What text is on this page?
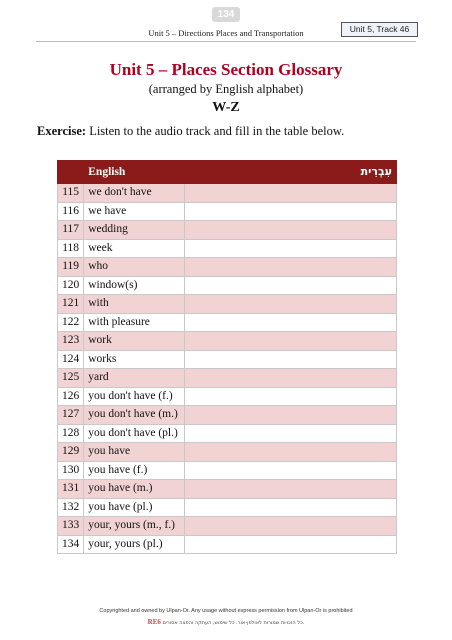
134
Unit 5 – Directions Places and Transportation	Unit 5, Track 46
Unit 5 – Places Section Glossary
(arranged by English alphabet)
W-Z
Exercise: Listen to the audio track and fill in the table below.
	English	עִבְרִית
115	we don't have	
116	we have	
117	wedding	
118	week	
119	who	
120	window(s)	
121	with	
122	with pleasure	
123	work	
124	works	
125	yard	
126	you don't have (f.)	
127	you don't have (m.)	
128	you don't have (pl.)	
129	you have	
130	you have (f.)	
131	you have (m.)	
132	you have (pl.)	
133	your, yours (m., f.)	
134	your, yours (pl.)	
Copyrighted and owned by Ulpan-Or. Any usage without express permission from Ulpan-Or is prohibited
RE6 כל הזכויות שמורות לאולפן-אור. כל שימוש, העתקה והפצה אסורים.
